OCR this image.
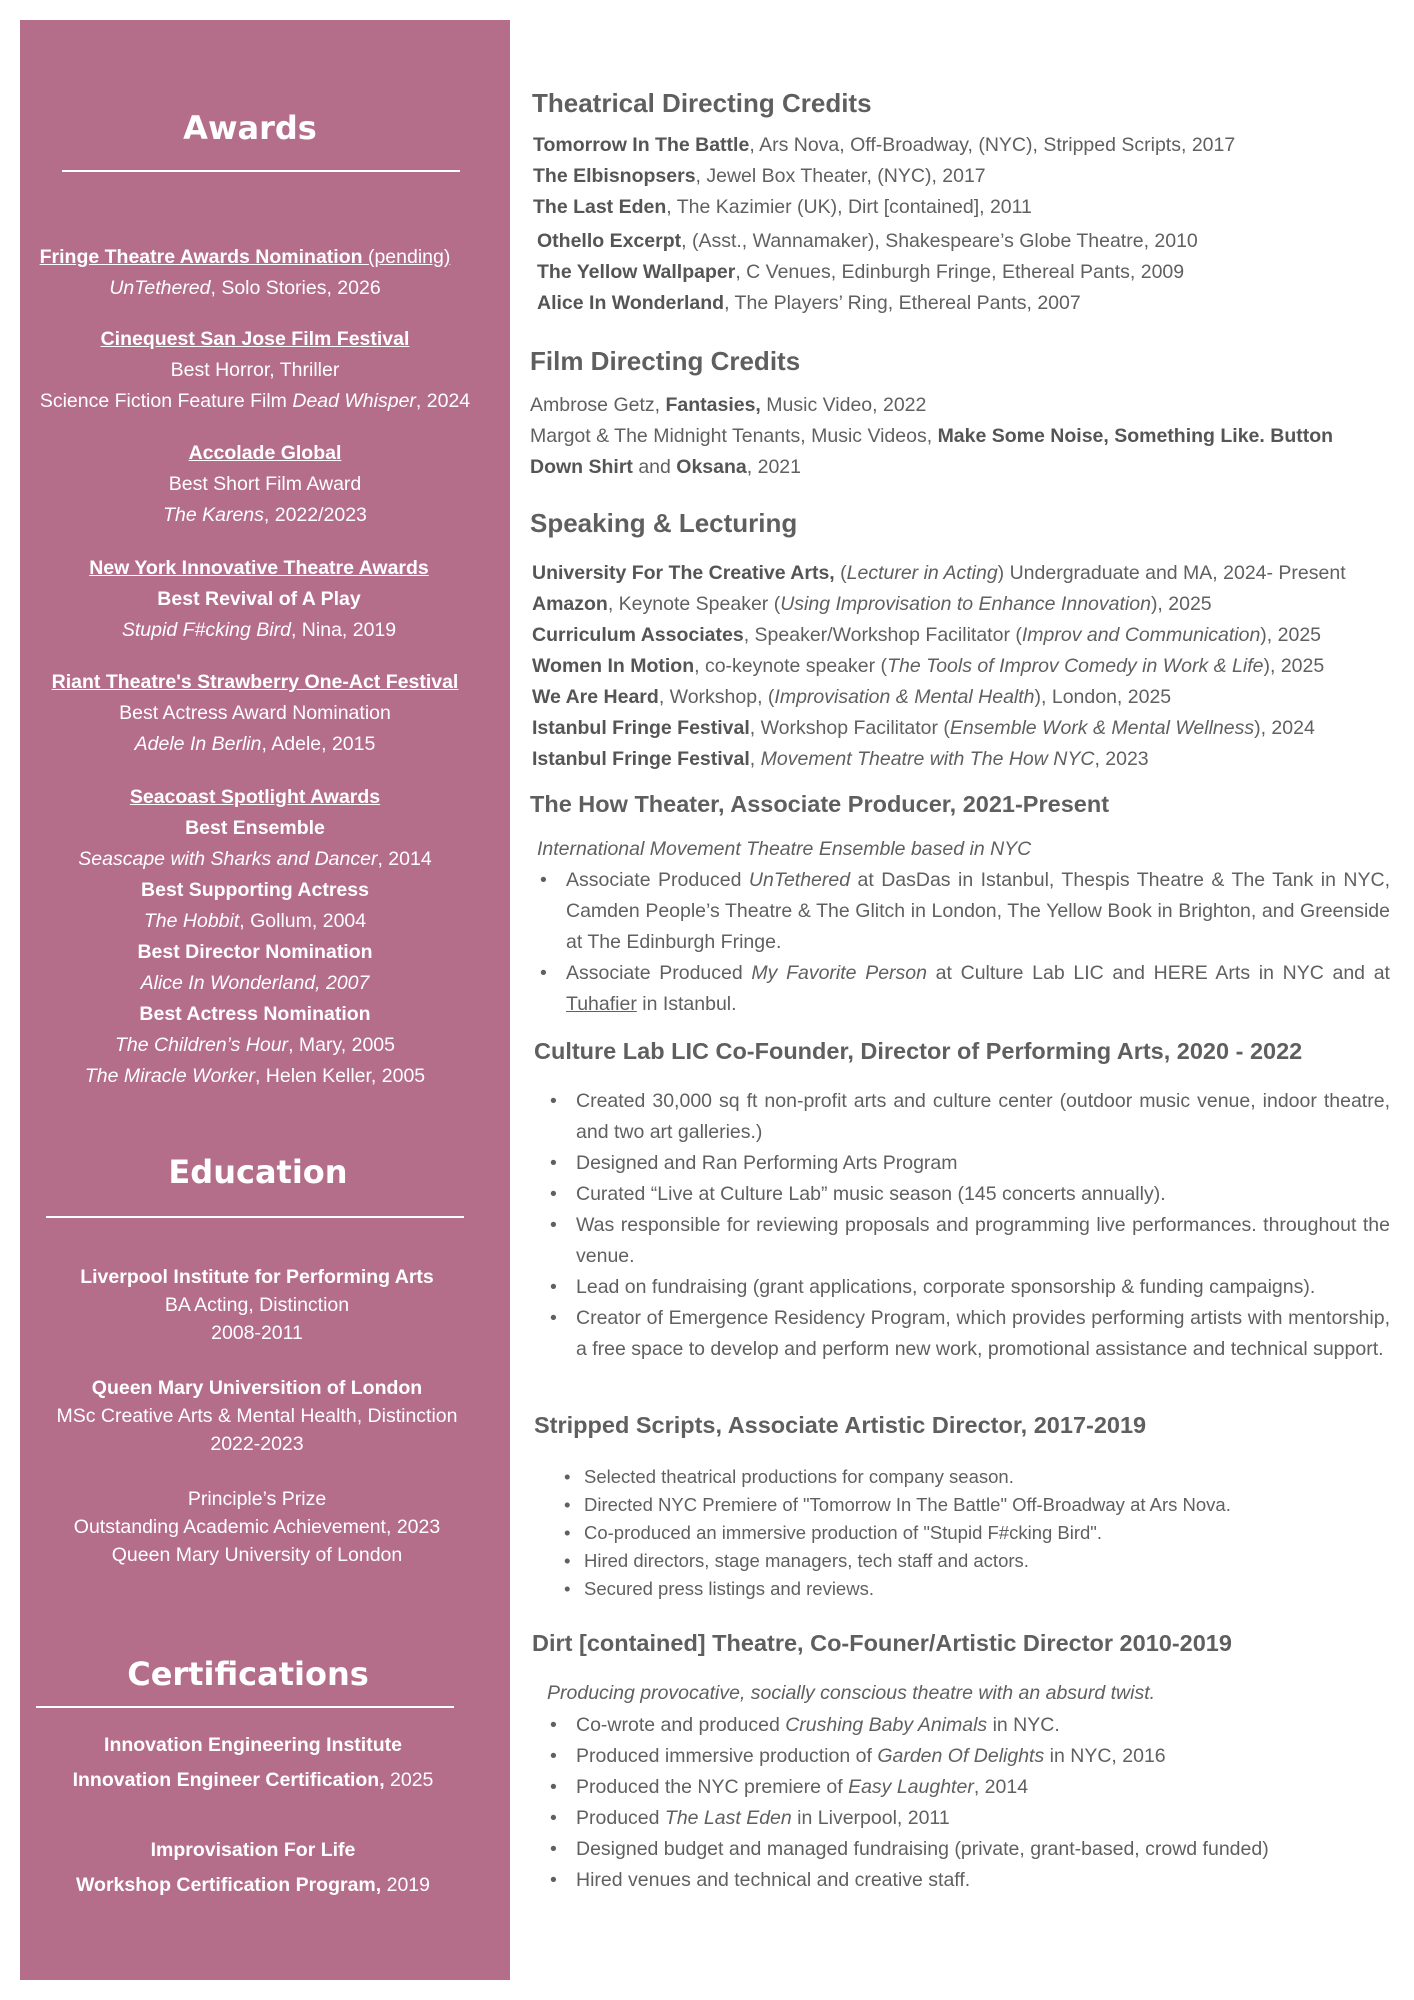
Awards
Fringe Theatre Awards Nomination (pending)
UnTethered, Solo Stories, 2026
Cinequest San Jose Film Festival
Best Horror, Thriller
Science Fiction Feature Film Dead Whisper, 2024
Accolade Global
Best Short Film Award
The Karens, 2022/2023
New York Innovative Theatre Awards
Best Revival of A Play
Stupid F#cking Bird, Nina, 2019
Riant Theatre's Strawberry One-Act Festival
Best Actress Award Nomination
Adele In Berlin, Adele, 2015
Seacoast Spotlight Awards
Best Ensemble
Seascape with Sharks and Dancer, 2014
Best Supporting Actress
The Hobbit, Gollum, 2004
Best Director Nomination
Alice In Wonderland, 2007
Best Actress Nomination
The Children’s Hour, Mary, 2005
The Miracle Worker, Helen Keller, 2005
Education
Liverpool Institute for Performing Arts
BA Acting, Distinction
2008-2011
Queen Mary Universition of London
MSc Creative Arts & Mental Health, Distinction
2022-2023
Principle’s Prize
Outstanding Academic Achievement, 2023
Queen Mary University of London
Certifications
Innovation Engineering Institute
Innovation Engineer Certification, 2025
Improvisation For Life
Workshop Certification Program, 2019
Theatrical Directing Credits
Tomorrow In The Battle, Ars Nova, Off-Broadway, (NYC), Stripped Scripts, 2017
The Elbisnopsers, Jewel Box Theater, (NYC), 2017
The Last Eden, The Kazimier (UK), Dirt [contained], 2011
Othello Excerpt, (Asst., Wannamaker), Shakespeare’s Globe Theatre, 2010
The Yellow Wallpaper, C Venues, Edinburgh Fringe, Ethereal Pants, 2009
Alice In Wonderland, The Players’ Ring, Ethereal Pants, 2007
Film Directing Credits
Ambrose Getz, Fantasies, Music Video, 2022
Margot & The Midnight Tenants, Music Videos, Make Some Noise, Something Like. Button
Down Shirt and Oksana, 2021
Speaking & Lecturing
University For The Creative Arts, (Lecturer in Acting) Undergraduate and MA, 2024- Present
Amazon, Keynote Speaker (Using Improvisation to Enhance Innovation), 2025
Curriculum Associates, Speaker/Workshop Facilitator (Improv and Communication), 2025
Women In Motion, co-keynote speaker (The Tools of Improv Comedy in Work & Life), 2025
We Are Heard, Workshop, (Improvisation & Mental Health), London, 2025
Istanbul Fringe Festival, Workshop Facilitator (Ensemble Work & Mental Wellness), 2024
Istanbul Fringe Festival, Movement Theatre with The How NYC, 2023
The How Theater, Associate Producer, 2021-Present
International Movement Theatre Ensemble based in NYC
• Associate Produced UnTethered at DasDas in Istanbul, Thespis Theatre & The Tank in NYC, Camden People’s Theatre & The Glitch in London, The Yellow Book in Brighton, and Greenside at The Edinburgh Fringe.
• Associate Produced My Favorite Person at Culture Lab LIC and HERE Arts in NYC and at Tuhafier in Istanbul.
Culture Lab LIC Co-Founder, Director of Performing Arts, 2020 - 2022
• Created 30,000 sq ft non-profit arts and culture center (outdoor music venue, indoor theatre, and two art galleries.)
• Designed and Ran Performing Arts Program
• Curated “Live at Culture Lab” music season (145 concerts annually).
• Was responsible for reviewing proposals and programming live performances. throughout the venue.
• Lead on fundraising (grant applications, corporate sponsorship & funding campaigns).
• Creator of Emergence Residency Program, which provides performing artists with mentorship, a free space to develop and perform new work, promotional assistance and technical support.
Stripped Scripts, Associate Artistic Director, 2017-2019
• Selected theatrical productions for company season.
• Directed NYC Premiere of "Tomorrow In The Battle" Off-Broadway at Ars Nova.
• Co-produced an immersive production of "Stupid F#cking Bird".
• Hired directors, stage managers, tech staff and actors.
• Secured press listings and reviews.
Dirt [contained] Theatre, Co-Founer/Artistic Director 2010-2019
Producing provocative, socially conscious theatre with an absurd twist.
• Co-wrote and produced Crushing Baby Animals in NYC.
• Produced immersive production of Garden Of Delights in NYC, 2016
• Produced the NYC premiere of Easy Laughter, 2014
• Produced The Last Eden in Liverpool, 2011
• Designed budget and managed fundraising (private, grant-based, crowd funded)
• Hired venues and technical and creative staff.
